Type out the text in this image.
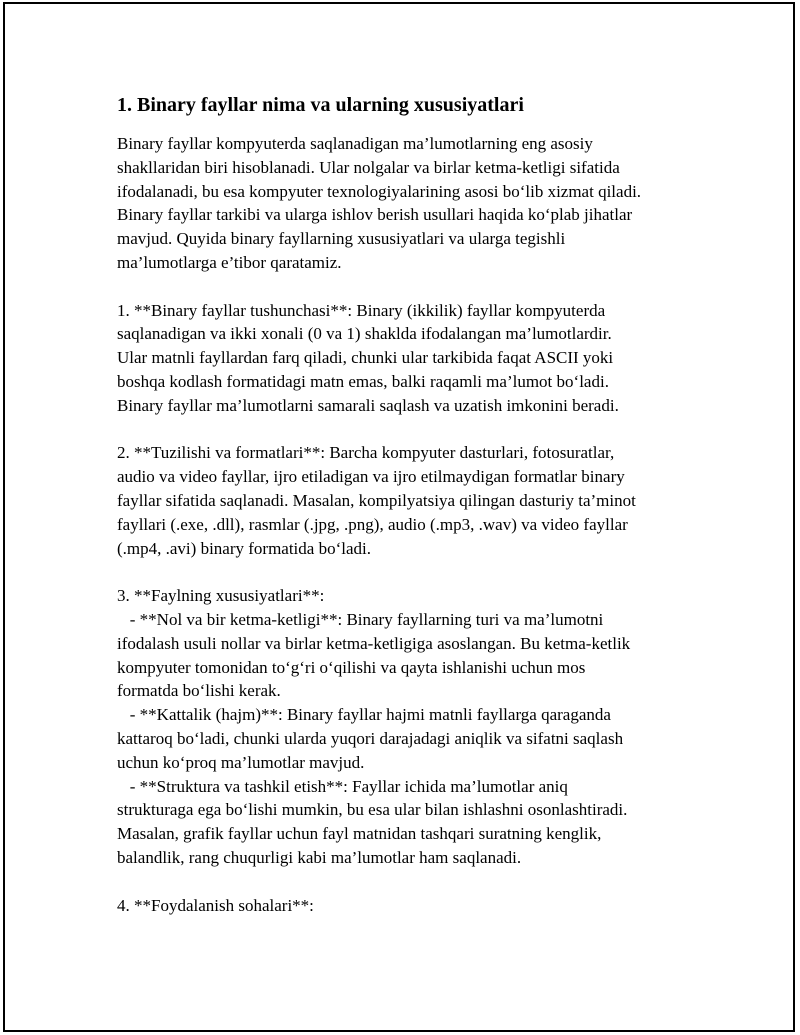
1. Binary fayllar nima va ularning xususiyatlari
Binary fayllar kompyuterda saqlanadigan ma’lumotlarning eng asosiy
shakllaridan biri hisoblanadi. Ular nolgalar va birlar ketma-ketligi sifatida
ifodalanadi, bu esa kompyuter texnologiyalarining asosi bo‘lib xizmat qiladi.
Binary fayllar tarkibi va ularga ishlov berish usullari haqida ko‘plab jihatlar
mavjud. Quyida binary fayllarning xususiyatlari va ularga tegishli
ma’lumotlarga e’tibor qaratamiz.
1. **Binary fayllar tushunchasi**: Binary (ikkilik) fayllar kompyuterda
saqlanadigan va ikki xonali (0 va 1) shaklda ifodalangan ma’lumotlardir.
Ular matnli fayllardan farq qiladi, chunki ular tarkibida faqat ASCII yoki
boshqa kodlash formatidagi matn emas, balki raqamli ma’lumot bo‘ladi.
Binary fayllar ma’lumotlarni samarali saqlash va uzatish imkonini beradi.
2. **Tuzilishi va formatlari**: Barcha kompyuter dasturlari, fotosuratlar,
audio va video fayllar, ijro etiladigan va ijro etilmaydigan formatlar binary
fayllar sifatida saqlanadi. Masalan, kompilyatsiya qilingan dasturiy ta’minot
fayllari (.exe, .dll), rasmlar (.jpg, .png), audio (.mp3, .wav) va video fayllar
(.mp4, .avi) binary formatida bo‘ladi.
3. **Faylning xususiyatlari**:
- **Nol va bir ketma-ketligi**: Binary fayllarning turi va ma’lumotni
ifodalash usuli nollar va birlar ketma-ketligiga asoslangan. Bu ketma-ketlik
kompyuter tomonidan to‘g‘ri o‘qilishi va qayta ishlanishi uchun mos
formatda bo‘lishi kerak.
- **Kattalik (hajm)**: Binary fayllar hajmi matnli fayllarga qaraganda
kattaroq bo‘ladi, chunki ularda yuqori darajadagi aniqlik va sifatni saqlash
uchun ko‘proq ma’lumotlar mavjud.
- **Struktura va tashkil etish**: Fayllar ichida ma’lumotlar aniq
strukturaga ega bo‘lishi mumkin, bu esa ular bilan ishlashni osonlashtiradi.
Masalan, grafik fayllar uchun fayl matnidan tashqari suratning kenglik,
balandlik, rang chuqurligi kabi ma’lumotlar ham saqlanadi.
4. **Foydalanish sohalari**:
